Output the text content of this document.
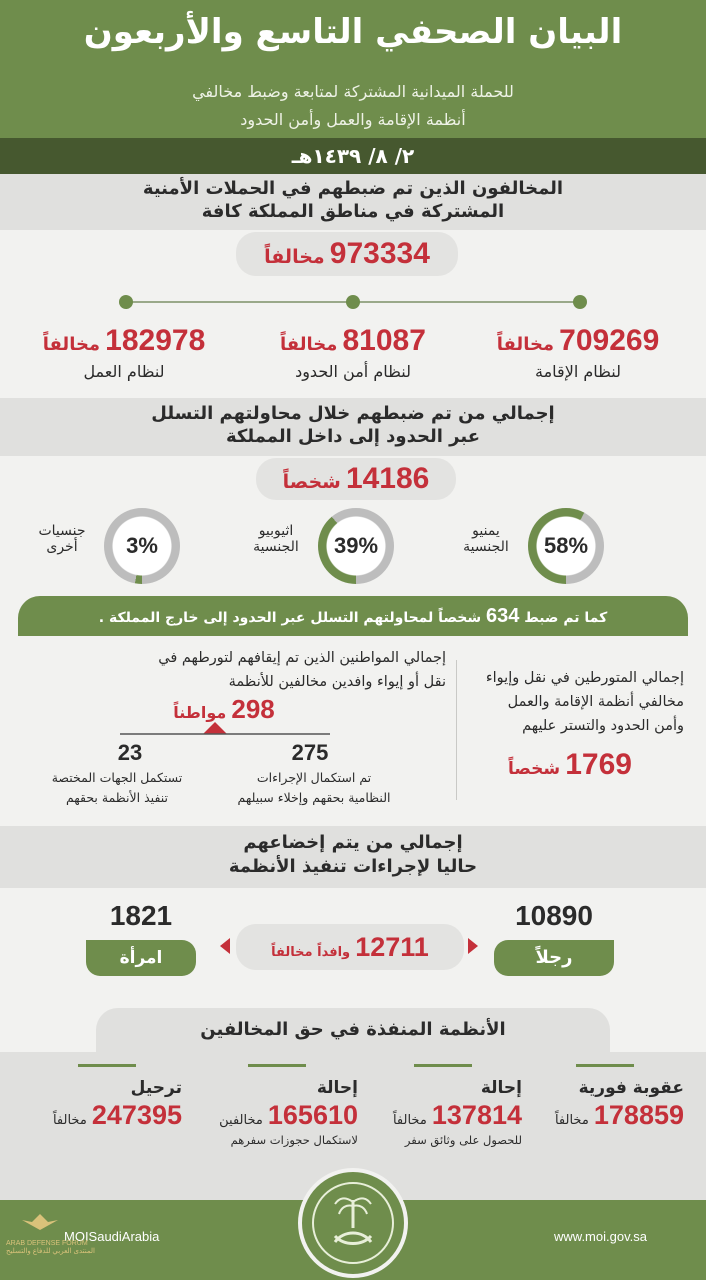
البيان الصحفي التاسع والأربعون
للحملة الميدانية المشتركة لمتابعة وضبط مخالفي
أنظمة الإقامة والعمل وأمن الحدود
٢/ ٨/ ١٤٣٩هـ
المخالفون الذين تم ضبطهم في الحملات الأمنية
المشتركة في مناطق المملكة كافة
973334 مخالفاً
709269 مخالفاً
لنظام الإقامة
81087 مخالفاً
لنظام أمن الحدود
182978 مخالفاً
لنظام العمل
إجمالي من تم ضبطهم خلال محاولتهم التسلل
عبر الحدود إلى داخل المملكة
14186 شخصاً
58%
يمنيو
الجنسية
39%
اثيوبيو
الجنسية
3%
جنسيات
أخرى
كما تم ضبط 634 شخصاً لمحاولتهم التسلل عبر الحدود إلى خارج المملكة .
إجمالي المتورطين في نقل وإيواء
مخالفي أنظمة الإقامة والعمل
وأمن الحدود والتستر عليهم
1769 شخصاً
إجمالي المواطنين الذين تم إيقافهم لتورطهم في
نقل أو إيواء وافدين مخالفين للأنظمة
298 مواطناً
275
تم استكمال الإجراءات
النظامية بحقهم وإخلاء سبيلهم
23
تستكمل الجهات المختصة
تنفيذ الأنظمة بحقهم
إجمالي من يتم إخضاعهم
حاليا لإجراءات تنفيذ الأنظمة
10890
رجلاً
1821
امرأة	12711 وافداً مخالفاً
الأنظمة المنفذة في حق المخالفين
عقوبة فورية
178859 مخالفاً
إحالة
137814 مخالفاً
للحصول على وثائق سفر
إحالة
165610 مخالفين
لاستكمال حجوزات سفرهم
ترحيل
247395 مخالفاً
MOISaudiArabia	www.moi.gov.sa
ARAB DEFENSE FORUM
المنتدى العربي للدفاع والتسليح
